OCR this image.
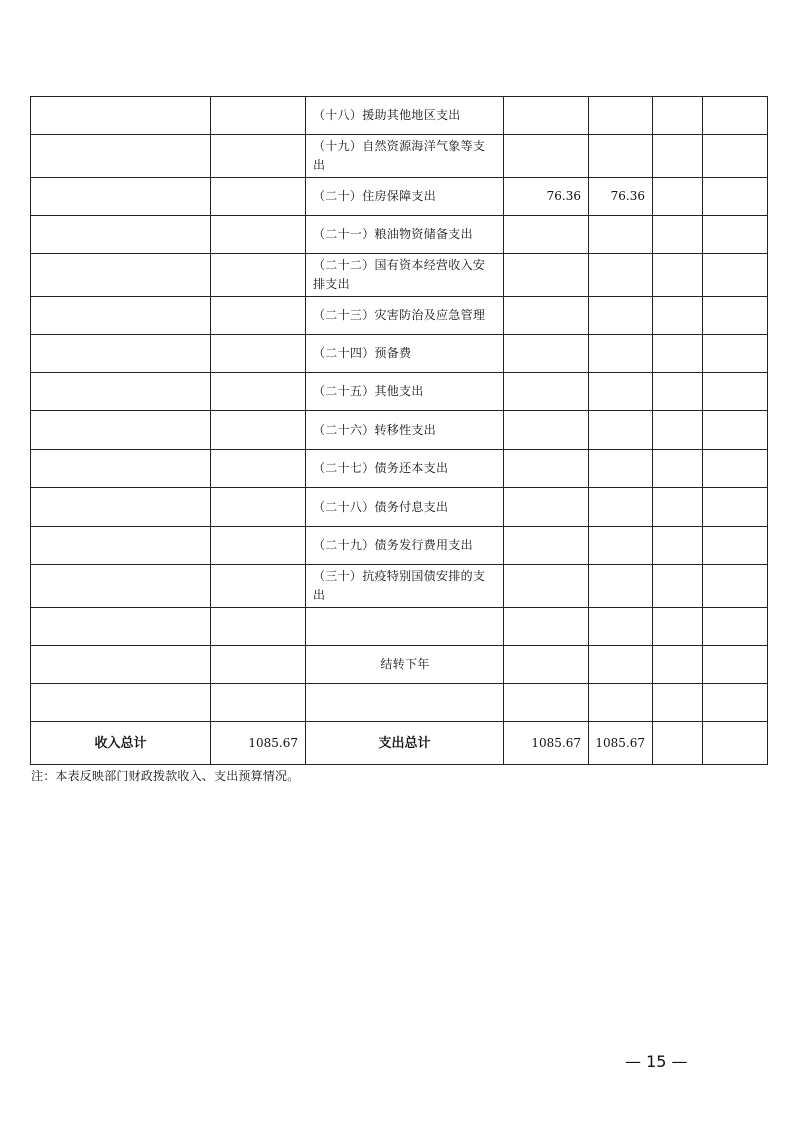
		（十八）援助其他地区支出				
		（十九）自然资源海洋气象等支出				
		（二十）住房保障支出	76.36	76.36		
		（二十一）粮油物资储备支出				
		（二十二）国有资本经营收入安排支出				
		（二十三）灾害防治及应急管理				
		（二十四）预备费				
		（二十五）其他支出				
		（二十六）转移性支出				
		（二十七）债务还本支出				
		（二十八）债务付息支出				
		（二十九）债务发行费用支出				
		（三十）抗疫特别国债安排的支出				

		结转下年				

收入总计	1085.67	支出总计	1085.67	1085.67		
注：本表反映部门财政拨款收入、支出预算情况。
— 15 —
